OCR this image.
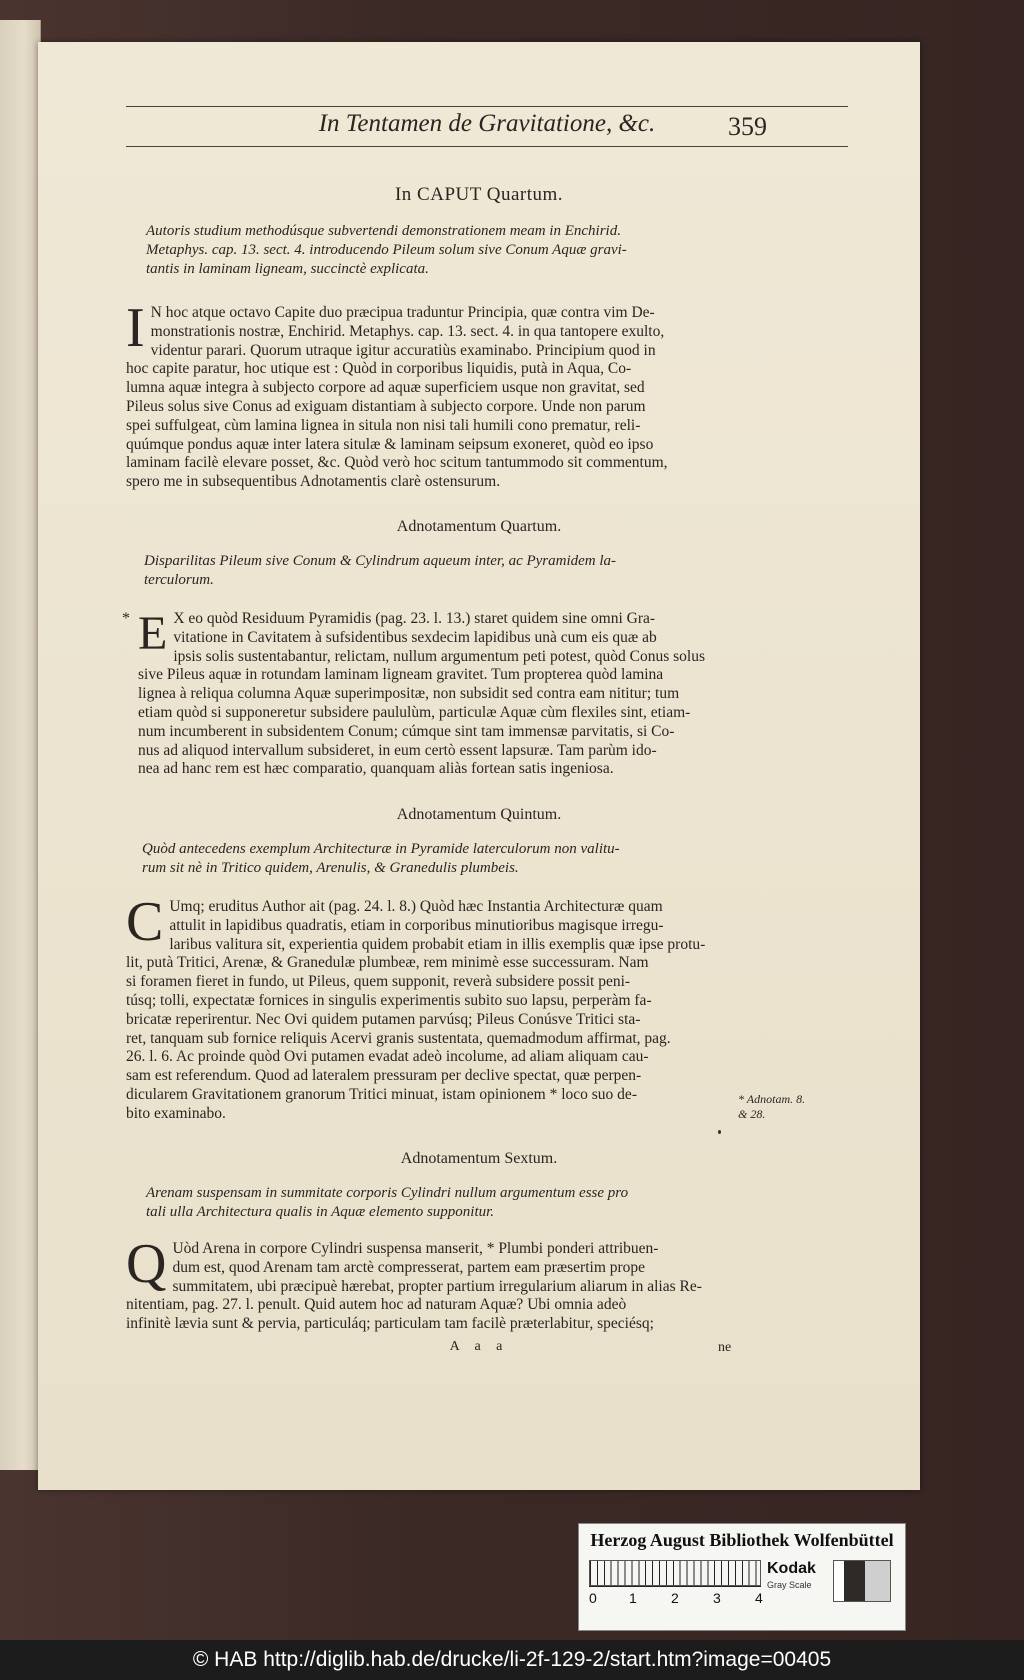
In Tentamen de Gravitatione, &c.	359
In CAPUT Quartum.
Autoris studium methodúsque subvertendi demonstrationem meam in Enchirid.
Metaphys. cap. 13. sect. 4. introducendo Pileum solum sive Conum Aquæ gravi-
tantis in laminam ligneam, succinctè explicata.
I N hoc atque octavo Capite duo præcipua traduntur Principia, quæ contra vim De-
monstrationis nostræ, Enchirid. Metaphys. cap. 13. sect. 4. in qua tantopere exulto,
videntur parari. Quorum utraque igitur accuratiùs examinabo. Principium quod in
hoc capite paratur, hoc utique est : Quòd in corporibus liquidis, putà in Aqua, Co-
lumna aquæ integra à subjecto corpore ad aquæ superficiem usque non gravitat, sed
Pileus solus sive Conus ad exiguam distantiam à subjecto corpore. Unde non parum
spei suffulgeat, cùm lamina lignea in situla non nisi tali humili cono prematur, reli-
quúmque pondus aquæ inter latera situlæ & laminam seipsum exoneret, quòd eo ipso
laminam facilè elevare posset, &c. Quòd verò hoc scitum tantummodo sit commentum,
spero me in subsequentibus Adnotamentis clarè ostensurum.
Adnotamentum Quartum.
Disparilitas Pileum sive Conum & Cylindrum aqueum inter, ac Pyramidem la-
terculorum.
* E X eo quòd Residuum Pyramidis (pag. 23. l. 13.) staret quidem sine omni Gra-
vitatione in Cavitatem à sufsidentibus sexdecim lapidibus unà cum eis quæ ab
ipsis solis sustentabantur, relictam, nullum argumentum peti potest, quòd Conus solus
sive Pileus aquæ in rotundam laminam ligneam gravitet. Tum propterea quòd lamina
lignea à reliqua columna Aquæ superimpositæ, non subsidit sed contra eam nititur; tum
etiam quòd si supponeretur subsidere paululùm, particulæ Aquæ cùm flexiles sint, etiam-
num incumberent in subsidentem Conum; cúmque sint tam immensæ parvitatis, si Co-
nus ad aliquod intervallum subsideret, in eum certò essent lapsuræ. Tam parùm ido-
nea ad hanc rem est hæc comparatio, quanquam aliàs fortean satis ingeniosa.
Adnotamentum Quintum.
Quòd antecedens exemplum Architecturæ in Pyramide laterculorum non valitu-
rum sit nè in Tritico quidem, Arenulis, & Granedulis plumbeis.
C Umq; eruditus Author ait (pag. 24. l. 8.) Quòd hæc Instantia Architecturæ quam
attulit in lapidibus quadratis, etiam in corporibus minutioribus magisque irregu-
laribus valitura sit, experientia quidem probabit etiam in illis exemplis quæ ipse protu-
lit, putà Tritici, Arenæ, & Granedulæ plumbeæ, rem minimè esse successuram. Nam
si foramen fieret in fundo, ut Pileus, quem supponit, reverà subsidere possit peni-
túsq; tolli, expectatæ fornices in singulis experimentis subito suo lapsu, perperàm fa-
bricatæ reperirentur. Nec Ovi quidem putamen parvúsq; Pileus Conúsve Tritici sta-
ret, tanquam sub fornice reliquis Acervi granis sustentata, quemadmodum affirmat, pag.
26. l. 6. Ac proinde quòd Ovi putamen evadat adeò incolume, ad aliam aliquam cau-
sam est referendum. Quod ad lateralem pressuram per declive spectat, quæ perpen-
dicularem Gravitationem granorum Tritici minuat, istam opinionem * loco suo de-
bito examinabo.
* Adnotam. 8.
& 28.
Adnotamentum Sextum.
Arenam suspensam in summitate corporis Cylindri nullum argumentum esse pro
tali ulla Architectura qualis in Aquæ elemento supponitur.
Q Uòd Arena in corpore Cylindri suspensa manserit, * Plumbi ponderi attribuen-
dum est, quod Arenam tam arctè compresserat, partem eam præsertim prope
summitatem, ubi præcipuè hærebat, propter partium irregularium aliarum in alias Re-
nitentiam, pag. 27. l. penult. Quid autem hoc ad naturam Aquæ? Ubi omnia adeò
infinitè lævia sunt & pervia, particuláq; particulam tam facilè præterlabitur, speciésq;
A a a	ne
Herzog August Bibliothek Wolfenbüttel
0 1 2 3 4
Kodak
Gray Scale
© HAB http://diglib.hab.de/drucke/li-2f-129-2/start.htm?image=00405
